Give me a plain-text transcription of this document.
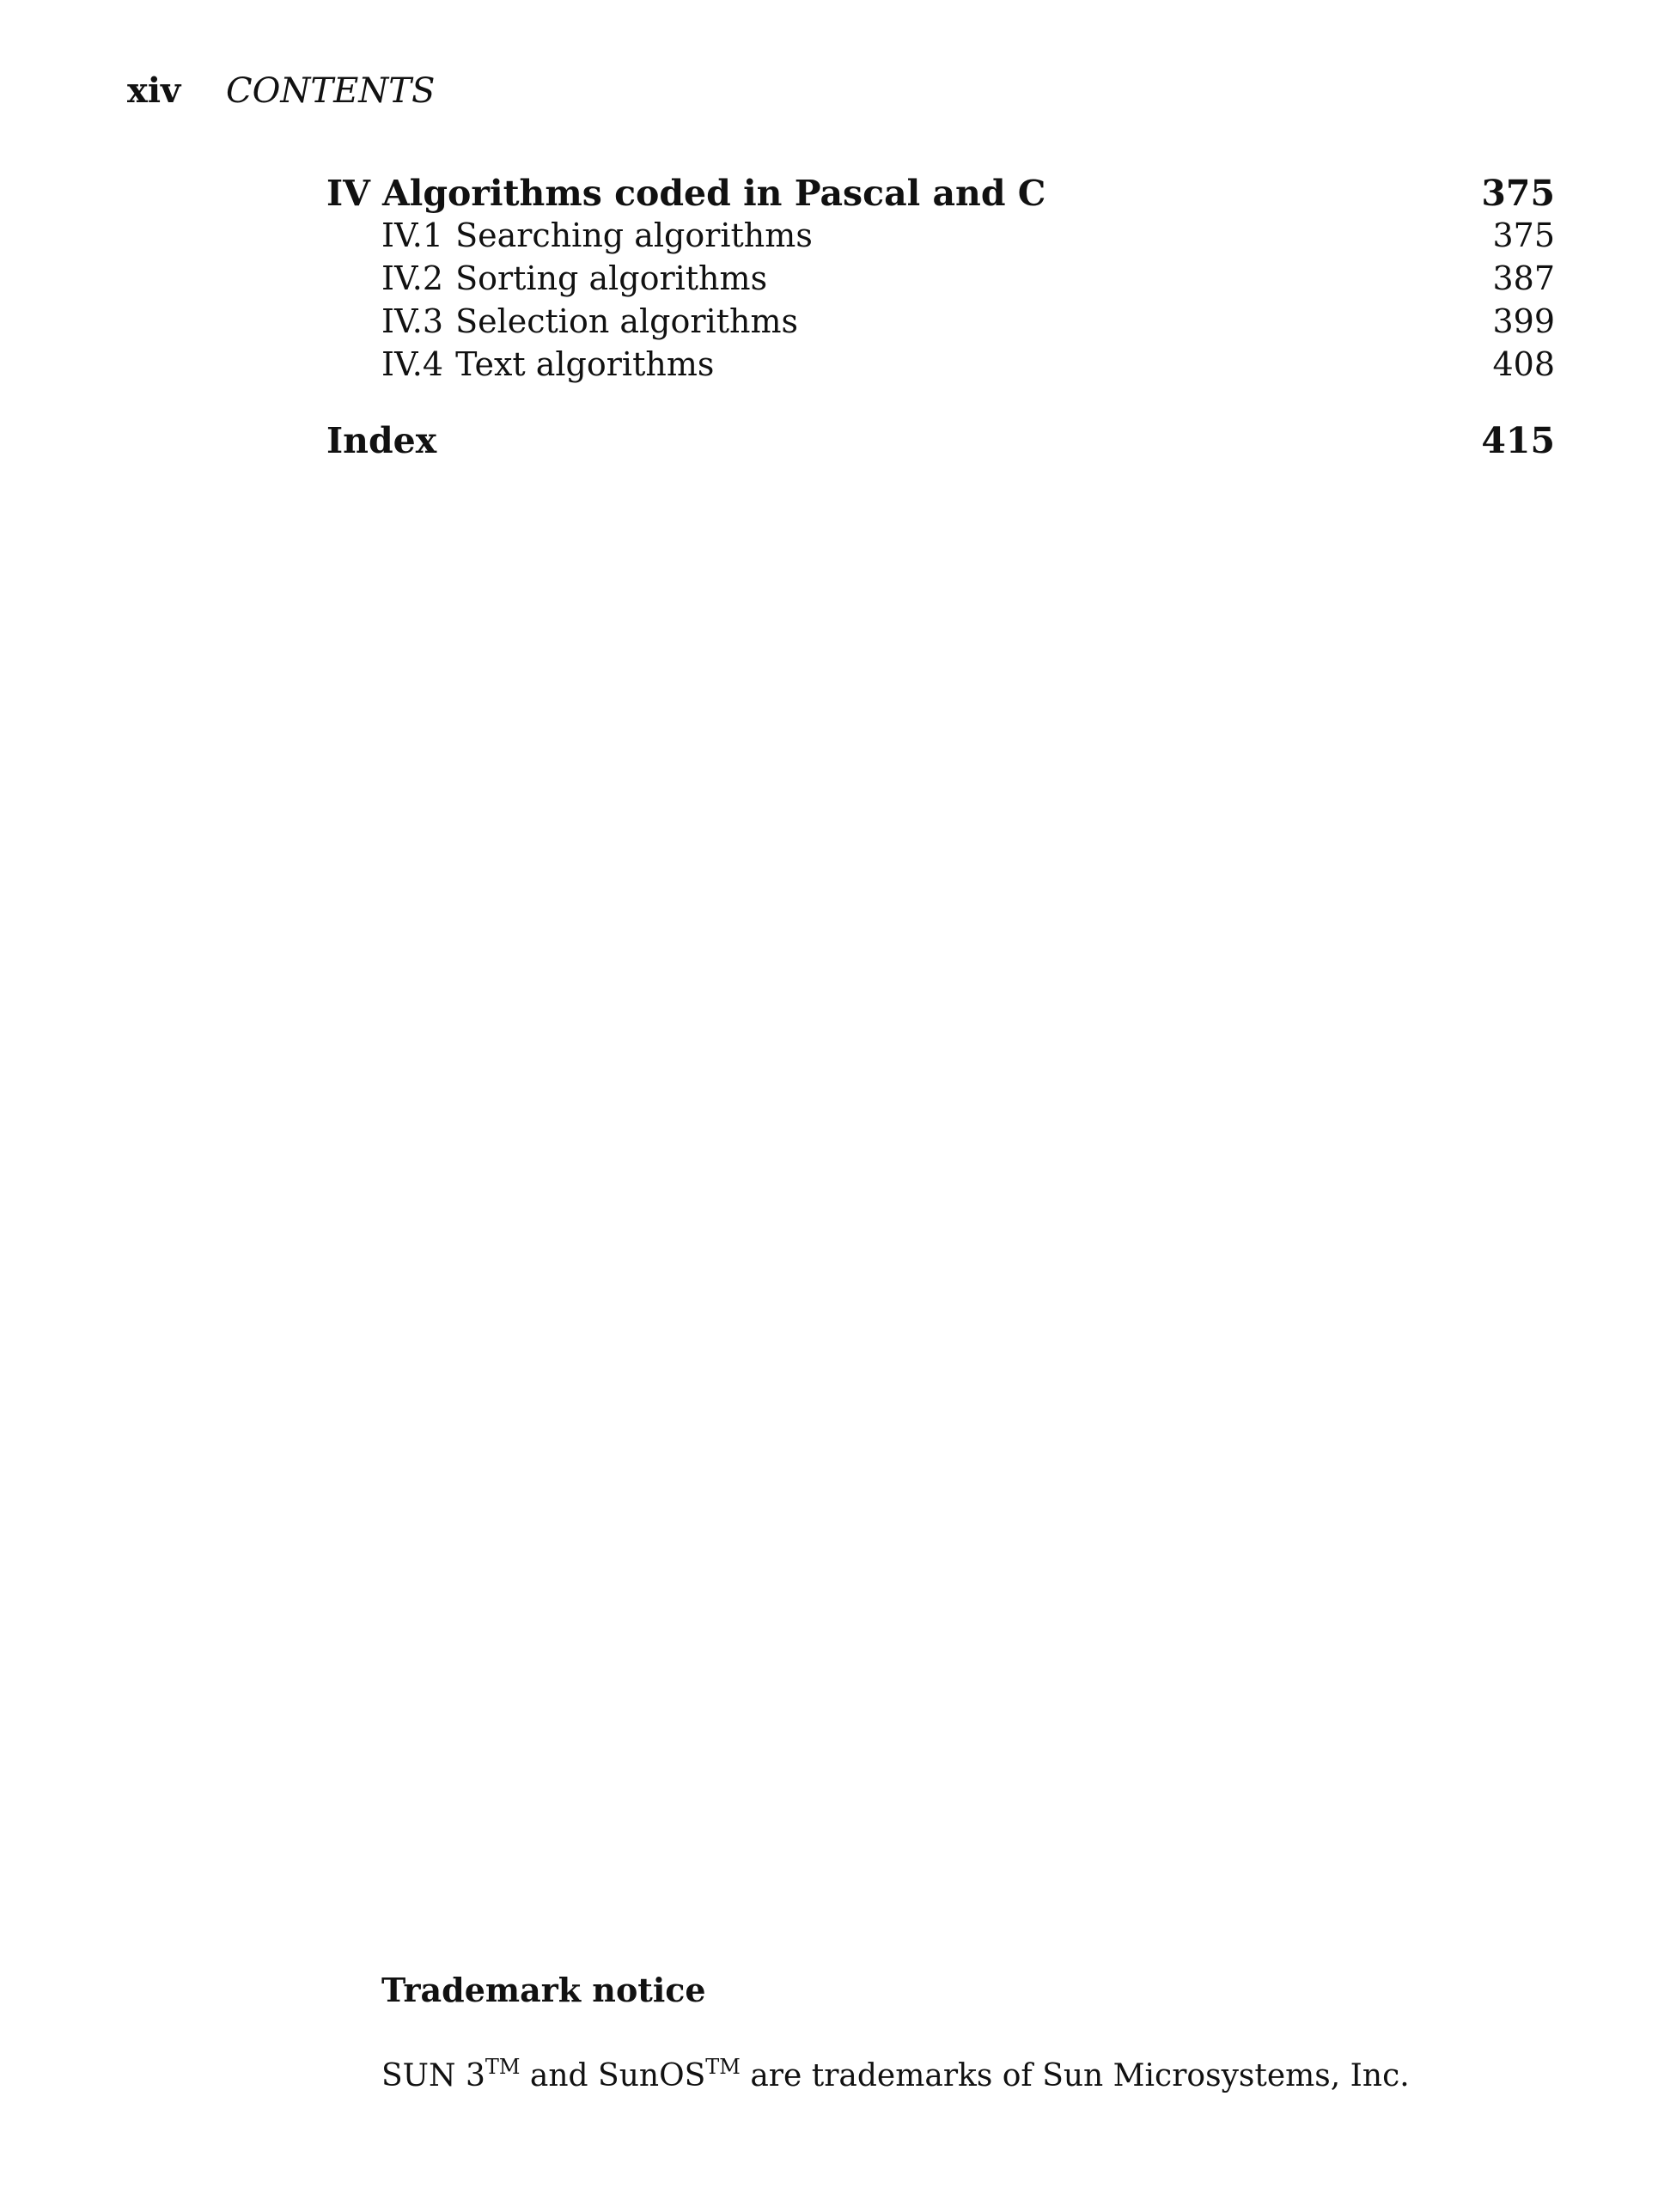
xiv CONTENTS
IV Algorithms coded in Pascal and C	375
IV.1 Searching algorithms	375
IV.2 Sorting algorithms	387
IV.3 Selection algorithms	399
IV.4 Text algorithms	408
Index	415
Trademark notice
SUN 3™ and SunOS™ are trademarks of Sun Microsystems, Inc.
